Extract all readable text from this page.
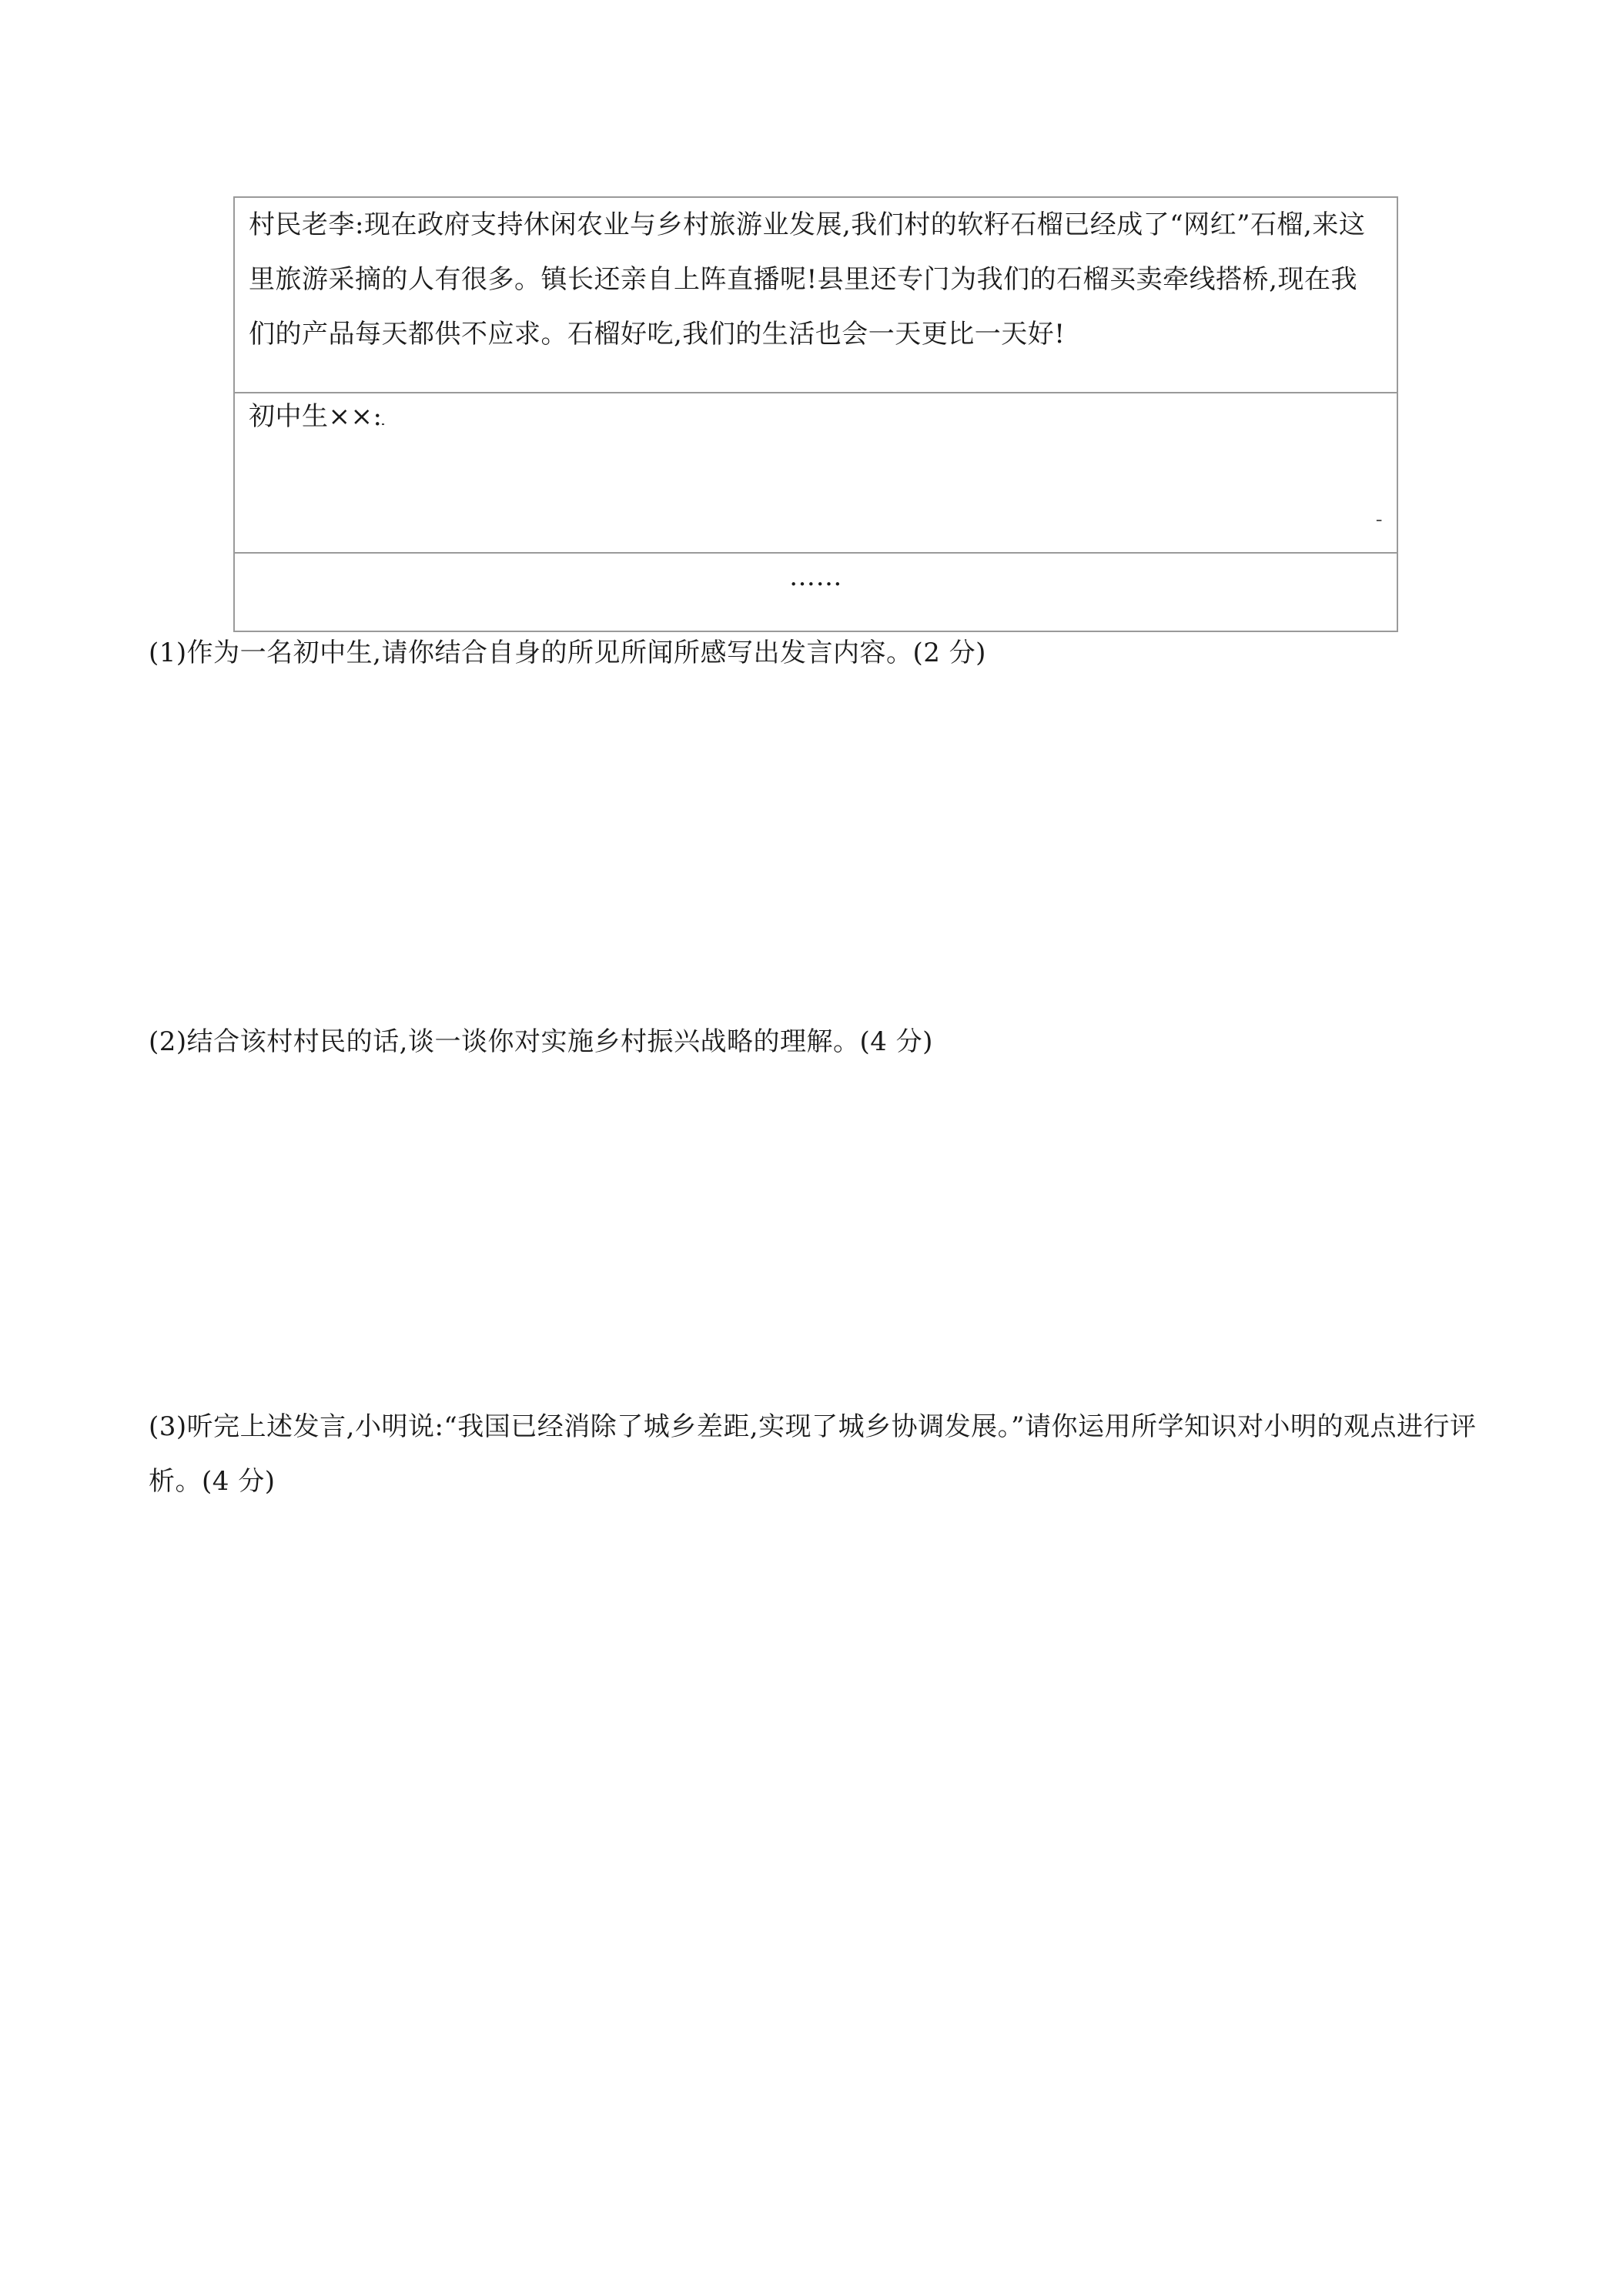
村民老李:现在政府支持休闲农业与乡村旅游业发展,我们村的软籽石榴已经成了“网红”石榴,来这里旅游采摘的人有很多。镇长还亲自上阵直播呢!县里还专门为我们的石榴买卖牵线搭桥,现在我们的产品每天都供不应求。石榴好吃,我们的生活也会一天更比一天好!
初中生××:
-

……
(1)作为一名初中生,请你结合自身的所见所闻所感写出发言内容。(2 分)
(2)结合该村村民的话,谈一谈你对实施乡村振兴战略的理解。(4 分)
(3)听完上述发言,小明说:“我国已经消除了城乡差距,实现了城乡协调发展。”请你运用所学知识对小明的观点进行评析。(4 分)
